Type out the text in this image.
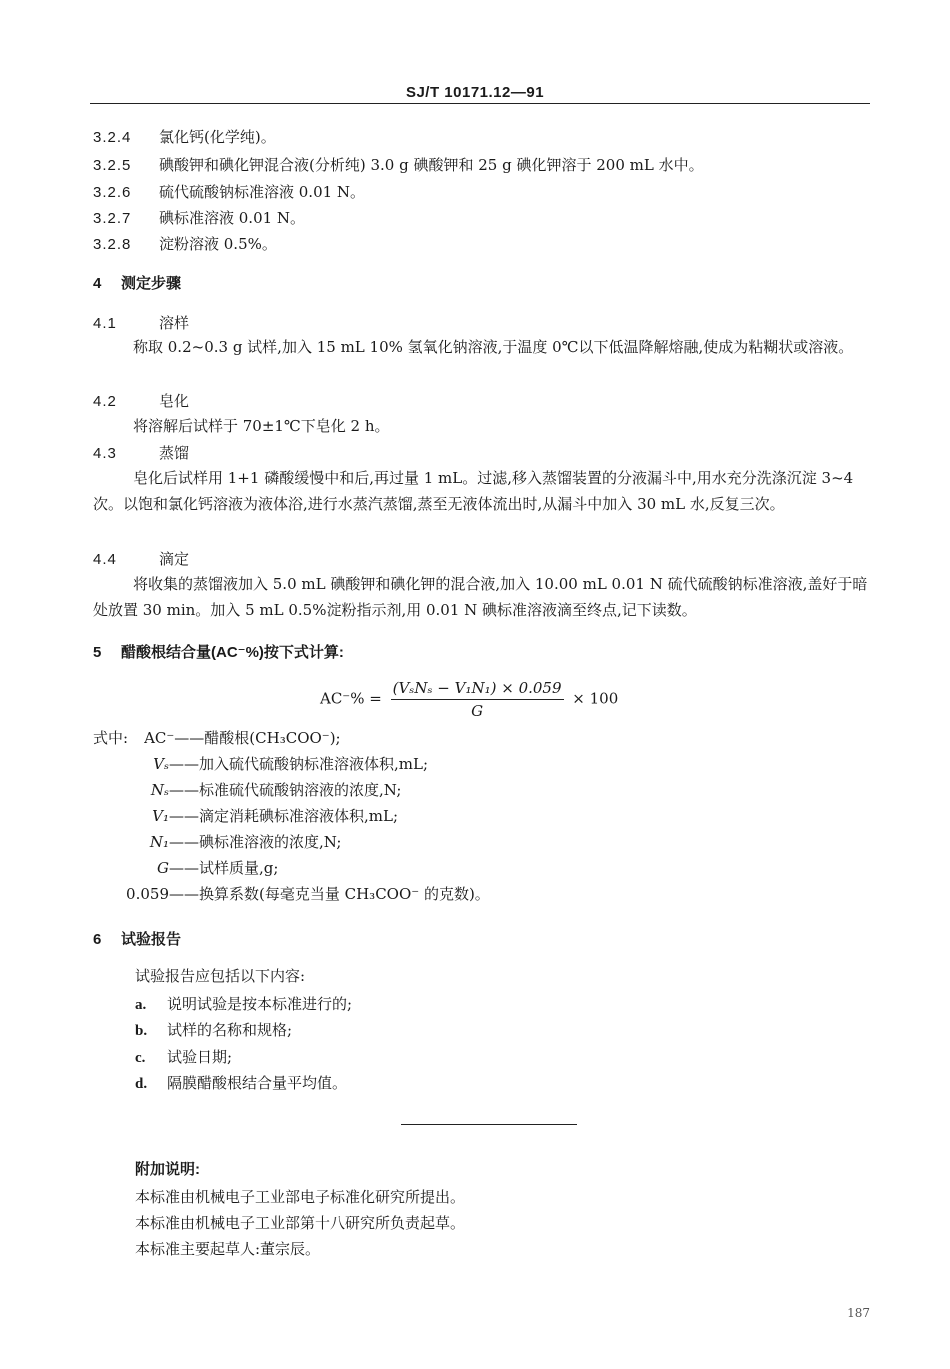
SJ/T 10171.12—91
3.2.4 氯化钙(化学纯)。
3.2.5 碘酸钾和碘化钾混合液(分析纯) 3.0 g 碘酸钾和 25 g 碘化钾溶于 200 mL 水中。
3.2.6 硫代硫酸钠标准溶液 0.01 N。
3.2.7 碘标准溶液 0.01 N。
3.2.8 淀粉溶液 0.5%。
4 测定步骤
4.1	溶样
称取 0.2~0.3 g 试样,加入 15 mL 10% 氢氧化钠溶液,于温度 0℃以下低温降解熔融,使成为粘糊状或溶液。
4.2	皂化
将溶解后试样于 70±1℃下皂化 2 h。
4.3	蒸馏
皂化后试样用 1+1 磷酸缓慢中和后,再过量 1 mL。过滤,移入蒸馏装置的分液漏斗中,用水充分洗涤沉淀 3~4 次。以饱和氯化钙溶液为液体浴,进行水蒸汽蒸馏,蒸至无液体流出时,从漏斗中加入 30 mL 水,反复三次。
4.4	滴定
将收集的蒸馏液加入 5.0 mL 碘酸钾和碘化钾的混合液,加入 10.00 mL 0.01 N 硫代硫酸钠标准溶液,盖好于暗处放置 30 min。加入 5 mL 0.5%淀粉指示剂,用 0.01 N 碘标准溶液滴至终点,记下读数。
5 醋酸根结合量(AC⁻%)按下式计算:
$AC^-\% = \frac{\text{(VₛNₛ − V₁N₁) × 0.059}}{G} \times 100$
式中: AC⁻——醋酸根(CH₃COO⁻);
Vₛ——加入硫代硫酸钠标准溶液体积,mL;
Nₛ——标准硫代硫酸钠溶液的浓度,N;
V₁——滴定消耗碘标准溶液体积,mL;
N₁——碘标准溶液的浓度,N;
G——试样质量,g;
0.059——换算系数(每毫克当量 CH₃COO⁻ 的克数)。
6 试验报告
试验报告应包括以下内容:
a. 说明试验是按本标准进行的;
b. 试样的名称和规格;
c. 试验日期;
d. 隔膜醋酸根结合量平均值。
附加说明:
本标准由机械电子工业部电子标准化研究所提出。
本标准由机械电子工业部第十八研究所负责起草。
本标准主要起草人:董宗辰。
187
